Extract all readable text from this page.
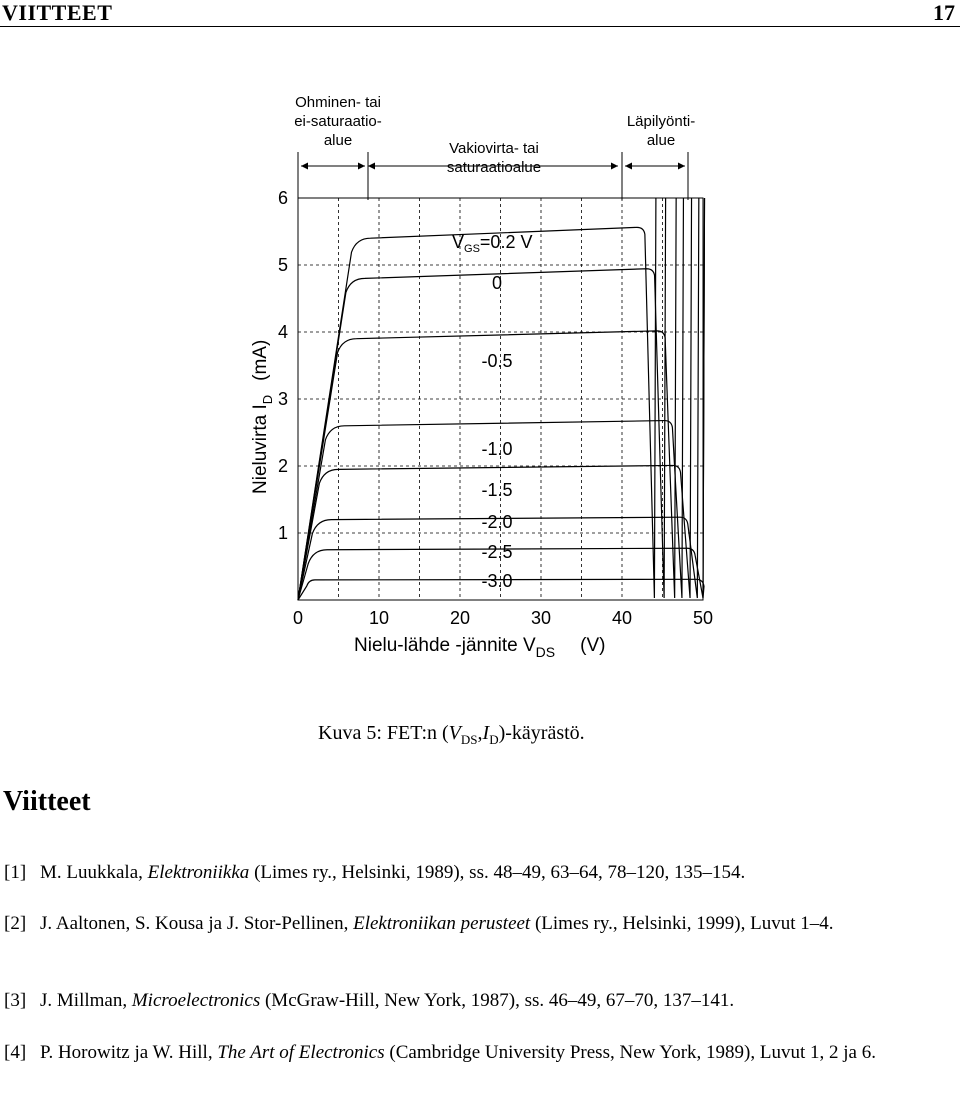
VIITTEET	17
Ohminen- tai
ei-saturaatio-
alue	Vakiovirta- tai
saturaatioalue
Läpilyönti-
alue
0	10	20	30	40	50
1
2
3
4
5
6
0
-0.5
-1.0
-1.5
-2.0
-2.5
-3.0
$V_{GS}=0.2$ V
Nieluvirta $I_D(mA)$
Nielu-lähde -jännite $V_{DS}$ (V)
Kuva 5: FET:n $(V_{DS},I_D)$-käyrästö.
Viitteet
[1] M. Luukkala, Elektroniikka (Limes ry., Helsinki, 1989), ss. 48–49, 63–64, 78–120, 135–154.
[2] J. Aaltonen, S. Kousa ja J. Stor-Pellinen, Elektroniikan perusteet (Limes ry., Helsinki, 1999), Luvut 1–4.
[3] J. Millman, Microelectronics (McGraw-Hill, New York, 1987), ss. 46–49, 67–70, 137–141.
[4] P. Horowitz ja W. Hill, The Art of Electronics (Cambridge University Press, New York, 1989), Luvut 1, 2 ja 6.
